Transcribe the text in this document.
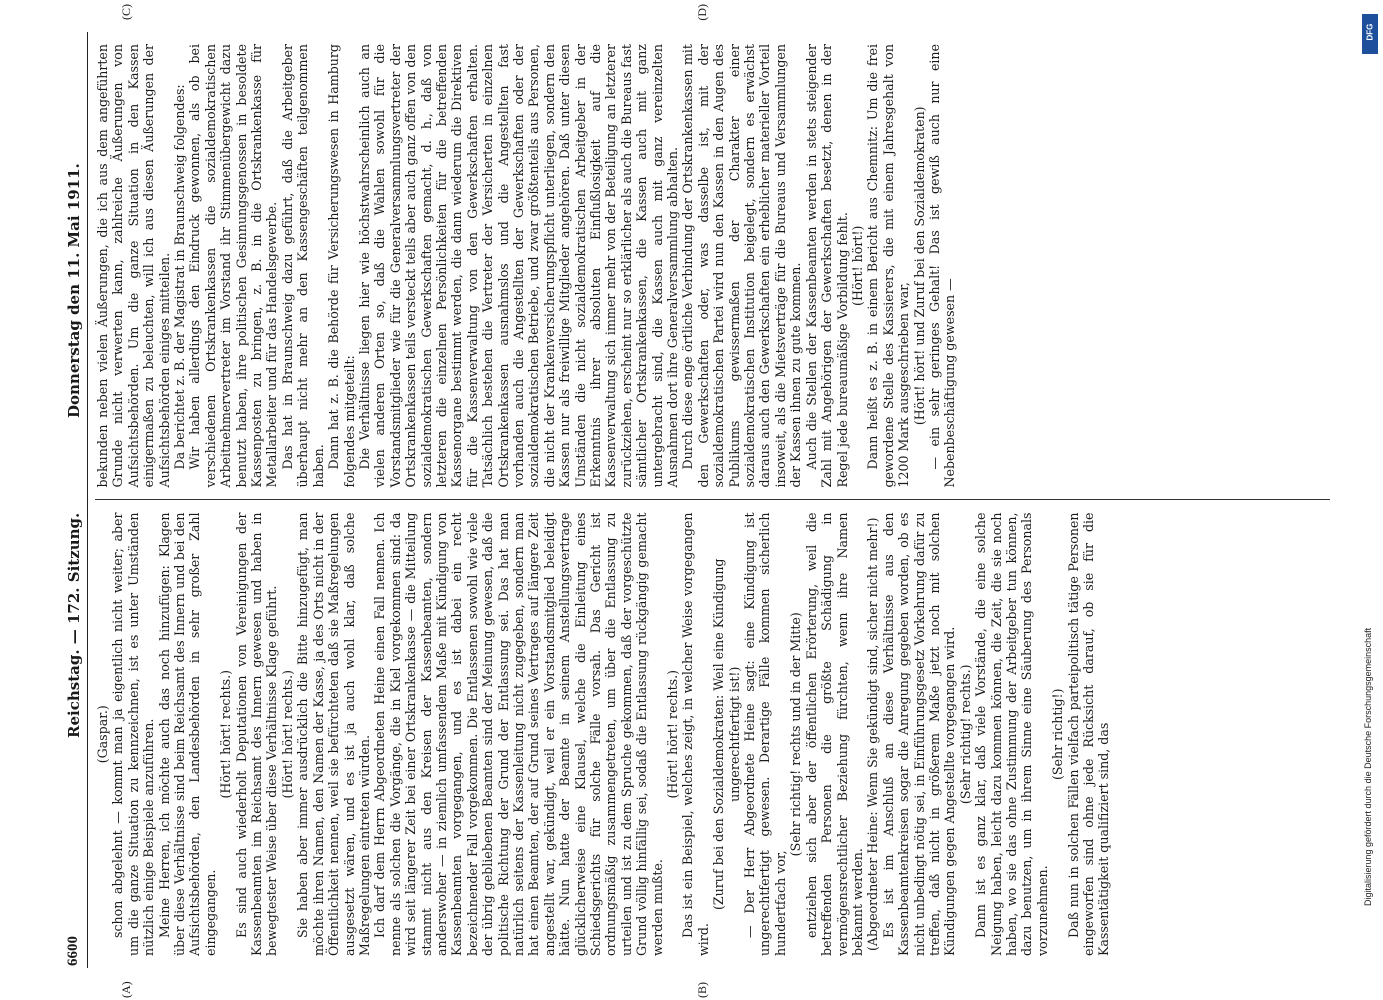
6600
Reichstag. — 172. Sitzung.
Donnerstag den 11. Mai 1911.
(A)	(B)

(Gaspar.) schon abgelehnt — kommt man ja eigentlich nicht weiter; aber um die ganze Situation zu kennzeichnen, ist es unter Umständen nützlich einige Beispiele anzuführen. Meine Herren, ich möchte auch das noch hinzufügen: Klagen über diese Verhältnisse sind beim Reichsamt des Innern und bei den Aufsichtsbehörden, den Landesbehörden in sehr großer Zahl eingegangen.

(Hört! hört! rechts.) Es sind auch wiederholt Deputationen von Vereinigungen der Kassenbeamten im Reichsamt des Innern gewesen und haben in bewegtester Weise über diese Verhältnisse Klage geführt. (Hört! hört! rechts.) Sie haben aber immer ausdrücklich die Bitte hinzugefügt, man möchte ihren Namen, den Namen der Kasse, ja des Orts nicht in der Öffentlichkeit nennen, weil sie befürchteten daß sie Maßregelungen ausgesetzt wären, und es ist ja auch wohl klar, daß solche Maßregelungen eintreten würden. Ich darf dem Herrn Abgeordneten Heine einen Fall nennen. Ich nenne als solchen die Vorgänge, die in Kiel vorgekommen sind: da wird seit längerer Zeit bei einer Ortskrankenkasse — die Mitteilung stammt nicht aus den Kreisen der Kassenbeamten, sondern anderswoher — in ziemlich umfassendem Maße mit Kündigung von Kassenbeamten vorgegangen, und es ist dabei ein recht bezeichnender Fall vorgekommen. Die Entlassenen sowohl wie viele der übrig gebliebenen Beamten sind der Meinung gewesen, daß die politische Richtung der Grund der Entlassung sei. Das hat man natürlich seitens der Kassenleitung nicht zugegeben, sondern man hat einen Beamten, der auf Grund seines Vertrages auf längere Zeit angestellt war, gekündigt, weil er ein Vorstandsmitglied beleidigt hätte. Nun hatte der Beamte in seinem Anstellungsvertrage glücklicherweise eine Klausel, welche die Einleitung eines Schiedsgerichts für solche Fälle vorsah. Das Gericht ist ordnungsmäßig zusammengetreten, um über die Entlassung zu urteilen und ist zu dem Spruche gekommen, daß der vorgeschützte Grund völlig hinfällig sei, sodaß die Entlassung rückgängig gemacht werden mußte.

(Hört! hört! rechts.) Das ist ein Beispiel, welches zeigt, in welcher Weise vorgegangen wird.

(Zuruf bei den Sozialdemokraten: Weil eine Kündigung ungerechtfertigt ist!) — Der Herr Abgeordnete Heine sagt: eine Kündigung ist ungerechtfertigt gewesen. Derartige Fälle kommen sicherlich hundertfach vor,

(Sehr richtig! rechts und in der Mitte) entziehen sich aber der öffentlichen Erörterung, weil die betreffenden Personen die größte Schädigung in vermögensrechtlicher Beziehung fürchten, wenn ihre Namen bekannt werden. (Abgeordneter Heine: Wenn Sie gekündigt sind, sicher nicht mehr!) Es ist im Anschluß an diese Verhältnisse aus den Kassenbeamtenkreisen sogar die Anregung gegeben worden, ob es nicht unbedingt nötig sei, in Einführungsgesetz Vorkehrung dafür zu treffen, daß nicht in größerem Maße jetzt noch mit solchen Kündigungen gegen Angestellte vorgegangen wird. (Sehr richtig! rechts.) Dann ist es ganz klar, daß viele Vorstände, die eine solche Neigung haben, leicht dazu kommen können, die Zeit, die sie noch haben, wo sie das ohne Zustimmung der Arbeitgeber tun können, dazu benutzen, um in ihrem Sinne eine Säuberung des Personals vorzunehmen.

(Sehr richtig!) Daß nun in solchen Fällen vielfach parteipolitisch tätige Personen eingeworfen sind ohne jede Rücksicht darauf, ob sie für die Kassentätigkeit qualifiziert sind, das

(C)	(D)

bekunden neben vielen Äußerungen, die ich aus dem angeführten Grunde nicht verwerten kann, zahlreiche Äußerungen von Aufsichtsbehörden. Um die ganze Situation in den Kassen einigermaßen zu beleuchten, will ich aus diesen Äußerungen der Aufsichtsbehörden einiges mitteilen. Da berichtet z. B. der Magistrat in Braunschweig folgendes: Wir haben allerdings den Eindruck gewonnen, als ob bei verschiedenen Ortskrankenkassen die sozialdemokratischen Arbeitnehmervertreter im Vorstand ihr Stimmenübergewicht dazu benutzt haben, ihre politischen Gesinnungsgenossen in besoldete Kassenposten zu bringen, z. B. in die Ortskrankenkasse für Metallarbeiter und für das Handelsgewerbe. Das hat in Braunschweig dazu geführt, daß die Arbeitgeber überhaupt nicht mehr an den Kassengeschäften teilgenommen haben. Dann hat z. B. die Behörde für Versicherungswesen in Hamburg folgendes mitgeteilt: Die Verhältnisse liegen hier wie höchstwahrscheinlich auch an vielen anderen Orten so, daß die Wahlen sowohl für die Vorstandsmitglieder wie für die Generalversammlungsvertreter der Ortskrankenkassen teils versteckt teils aber auch ganz offen von den sozialdemokratischen Gewerkschaften gemacht, d. h., daß von letzteren die einzelnen Persönlichkeiten für die betreffenden Kassenorgane bestimmt werden, die dann wiederum die Direktiven für die Kassenverwaltung von den Gewerkschaften erhalten. Tatsächlich bestehen die Vertreter der Versicherten in einzelnen Ortskrankenkassen ausnahmslos und die Angestellten fast vorhanden auch die Angestellten der Gewerkschaften oder der sozialdemokratischen Betriebe, und zwar größtenteils aus Personen, die nicht der Krankenversicherungspflicht unterliegen, sondern den Kassen nur als freiwillige Mitglieder angehören. Daß unter diesen Umständen die nicht sozialdemokratischen Arbeitgeber in der Erkenntnis ihrer absoluten Einflußlosigkeit auf die Kassenverwaltung sich immer mehr von der Beteiligung an letzterer zurückziehen, erscheint nur so erklärlicher als auch die Bureaus fast sämtlicher Ortskrankenkassen, die Kassen auch mit ganz untergebracht sind, die Kassen auch mit ganz vereinzelten Ausnahmen dort ihre Generalversammlung abhalten. Durch diese enge örtliche Verbindung der Ortskrankenkassen mit den Gewerkschaften oder, was dasselbe ist, mit der sozialdemokratischen Partei wird nun den Kassen in den Augen des Publikums gewissermaßen der Charakter einer sozialdemokratischen Institution beigelegt, sondern es erwächst daraus auch den Gewerkschaften ein erheblicher materieller Vorteil insoweit, als die Mietsverträge für die Bureaus und Versammlungen der Kassen ihnen zu gute kommen. Auch die Stellen der Kassenbeamten werden in stets steigender Zahl mit Angehörigen der Gewerkschaften besetzt, denen in der Regel jede bureaumäßige Vorbildung fehlt. (Hört! hört!) Dann heißt es z. B. in einem Bericht aus Chemnitz: Um die frei gewordene Stelle des Kassierers, die mit einem Jahresgehalt von 1200 Mark ausgeschrieben war, (Hört! hört! und Zuruf bei den Sozialdemokraten) — ein sehr geringes Gehalt! Das ist gewiß auch nur eine Nebenbeschäftigung gewesen —

DFG
Digitalisierung gefördert durch die Deutsche Forschungsgemeinschaft
